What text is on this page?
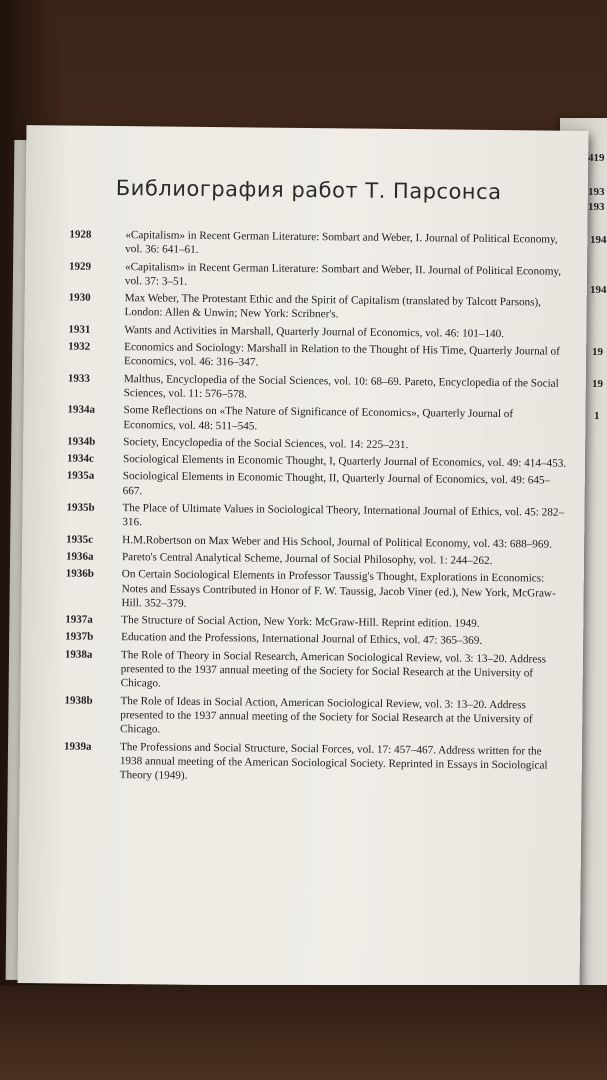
Библиография работ Т. Парсонса
1928	«Capitalism» in Recent German Literature: Sombart and Weber, I. Journal of Political Economy, vol. 36: 641–61.
1929	«Capitalism» in Recent German Literature: Sombart and Weber, II. Journal of Political Economy, vol. 37: 3–51.
1930	Max Weber, The Protestant Ethic and the Spirit of Capitalism (translated by Talcott Parsons), London: Allen & Unwin; New York: Scribner's.
1931	Wants and Activities in Marshall, Quarterly Journal of Economics, vol. 46: 101–140.
1932	Economics and Sociology: Marshall in Relation to the Thought of His Time, Quarterly Journal of Economics, vol. 46: 316–347.
1933	Malthus, Encyclopedia of the Social Sciences, vol. 10: 68–69. Pareto, Encyclopedia of the Social Sciences, vol. 11: 576–578.
1934a	Some Reflections on «The Nature of Significance of Economics», Quarterly Journal of Economics, vol. 48: 511–545.
1934b	Society, Encyclopedia of the Social Sciences, vol. 14: 225–231.
1934c	Sociological Elements in Economic Thought, I, Quarterly Journal of Economics, vol. 49: 414–453.
1935a	Sociological Elements in Economic Thought, II, Quarterly Journal of Economics, vol. 49: 645–667.
1935b	The Place of Ultimate Values in Sociological Theory, International Journal of Ethics, vol. 45: 282–316.
1935c	H.M.Robertson on Max Weber and His School, Journal of Political Economy, vol. 43: 688–969.
1936a	Pareto's Central Analytical Scheme, Journal of Social Philosophy, vol. 1: 244–262.
1936b	On Certain Sociological Elements in Professor Taussig's Thought, Explorations in Economics: Notes and Essays Contributed in Honor of F. W. Taussig, Jacob Viner (ed.), New York, McGraw-Hill. 352–379.
1937a	The Structure of Social Action, New York: McGraw-Hill. Reprint edition. 1949.
1937b	Education and the Professions, International Journal of Ethics, vol. 47: 365–369.
1938a	The Role of Theory in Social Research, American Sociological Review, vol. 3: 13–20. Address presented to the 1937 annual meeting of the Society for Social Research at the University of Chicago.
1938b	The Role of Ideas in Social Action, American Sociological Review, vol. 3: 13–20. Address presented to the 1937 annual meeting of the Society for Social Research at the University of Chicago.
1939a	The Professions and Social Structure, Social Forces, vol. 17: 457–467. Address written for the 1938 annual meeting of the American Sociological Society. Reprinted in Essays in Sociological Theory (1949).
419
193
193
194
194
19
19
1
